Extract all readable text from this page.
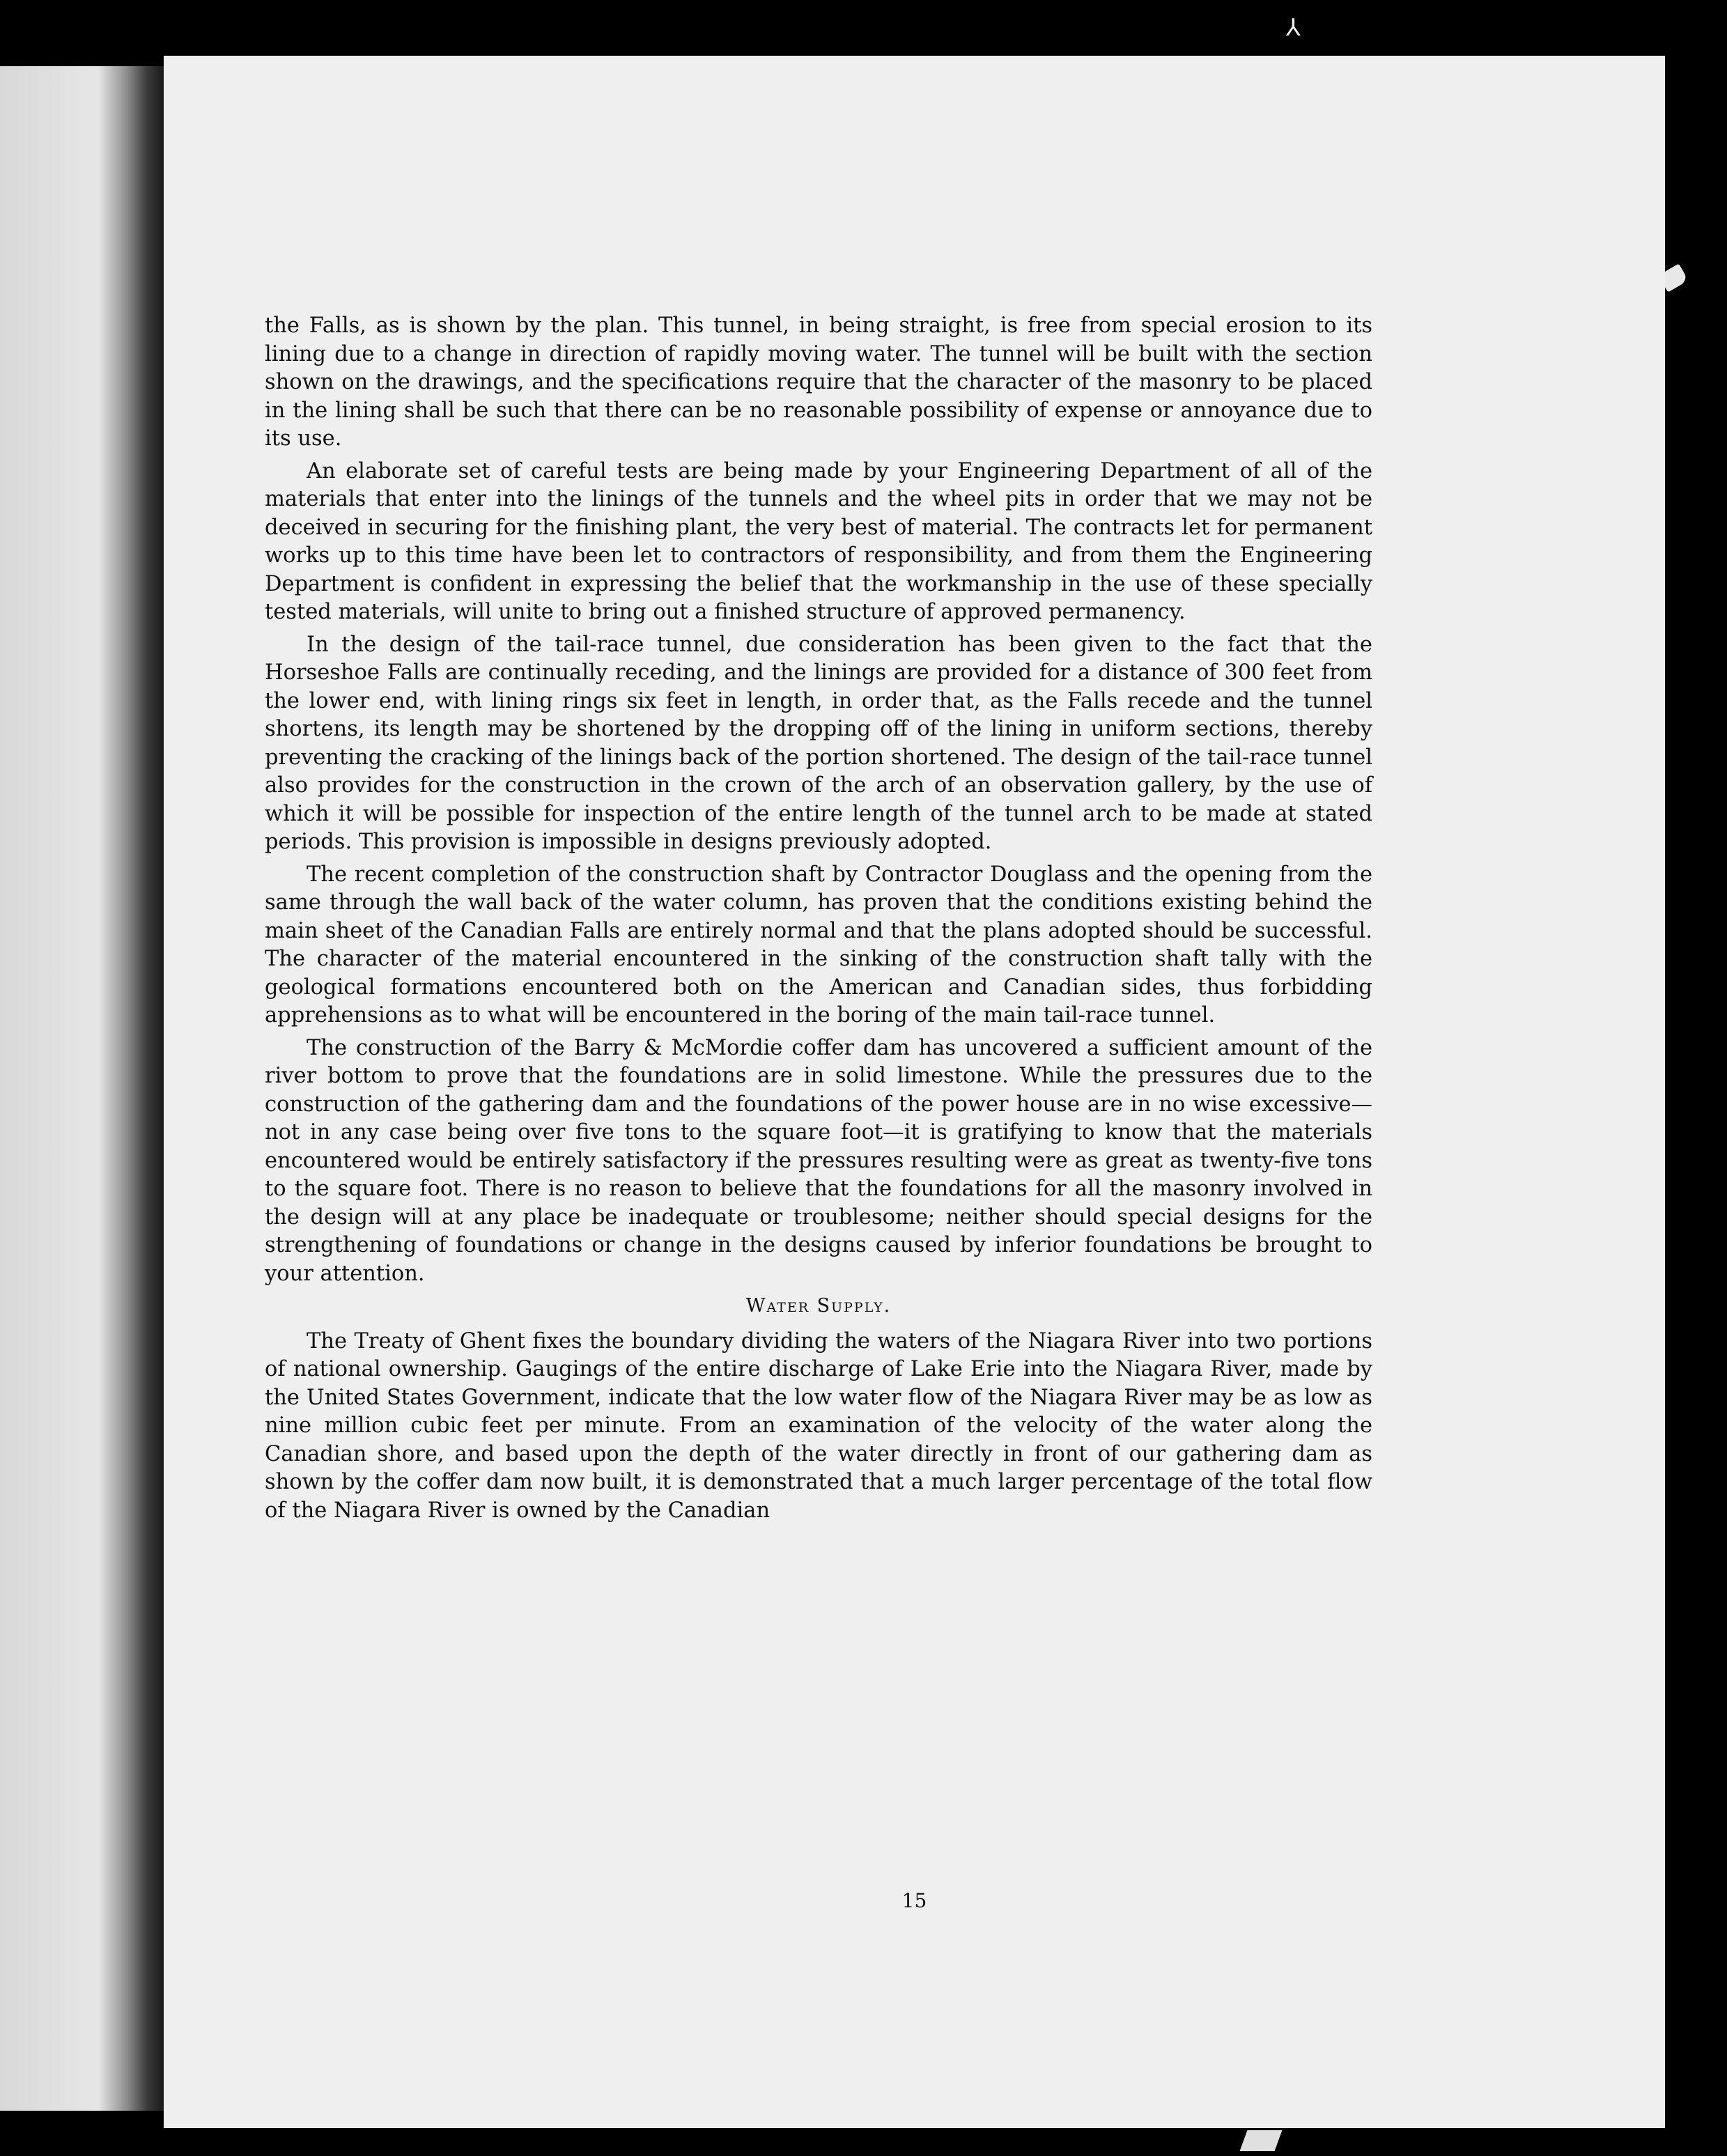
⅄

the Falls, as is shown by the plan. This tunnel, in being straight, is free from special erosion to its lining due to a change in direction of rapidly moving water. The tunnel will be built with the section shown on the drawings, and the specifications require that the character of the masonry to be placed in the lining shall be such that there can be no reasonable possibility of expense or annoyance due to its use.

An elaborate set of careful tests are being made by your Engineering Department of all of the materials that enter into the linings of the tunnels and the wheel pits in order that we may not be deceived in securing for the finishing plant, the very best of material. The contracts let for permanent works up to this time have been let to contractors of responsibility, and from them the Engineering Department is confident in expressing the belief that the workmanship in the use of these specially tested materials, will unite to bring out a finished structure of approved permanency.

In the design of the tail-race tunnel, due consideration has been given to the fact that the Horseshoe Falls are continually receding, and the linings are provided for a distance of 300 feet from the lower end, with lining rings six feet in length, in order that, as the Falls recede and the tunnel shortens, its length may be shortened by the dropping off of the lining in uniform sections, thereby preventing the cracking of the linings back of the portion shortened. The design of the tail-race tunnel also provides for the construction in the crown of the arch of an observation gallery, by the use of which it will be possible for inspection of the entire length of the tunnel arch to be made at stated periods. This provision is impossible in designs previously adopted.

The recent completion of the construction shaft by Contractor Douglass and the opening from the same through the wall back of the water column, has proven that the conditions existing behind the main sheet of the Canadian Falls are entirely normal and that the plans adopted should be successful. The character of the material encountered in the sinking of the construction shaft tally with the geological formations encountered both on the American and Canadian sides, thus forbidding apprehensions as to what will be encountered in the boring of the main tail-race tunnel.

The construction of the Barry & McMordie coffer dam has uncovered a sufficient amount of the river bottom to prove that the foundations are in solid limestone. While the pressures due to the construction of the gathering dam and the foundations of the power house are in no wise excessive—not in any case being over five tons to the square foot—it is gratifying to know that the materials encountered would be entirely satisfactory if the pressures resulting were as great as twenty-five tons to the square foot. There is no reason to believe that the foundations for all the masonry involved in the design will at any place be inadequate or troublesome; neither should special designs for the strengthening of foundations or change in the designs caused by inferior foundations be brought to your attention.

Water Supply.

The Treaty of Ghent fixes the boundary dividing the waters of the Niagara River into two portions of national ownership. Gaugings of the entire discharge of Lake Erie into the Niagara River, made by the United States Government, indicate that the low water flow of the Niagara River may be as low as nine million cubic feet per minute. From an examination of the velocity of the water along the Canadian shore, and based upon the depth of the water directly in front of our gathering dam as shown by the coffer dam now built, it is demonstrated that a much larger percentage of the total flow of the Niagara River is owned by the Canadian

15
